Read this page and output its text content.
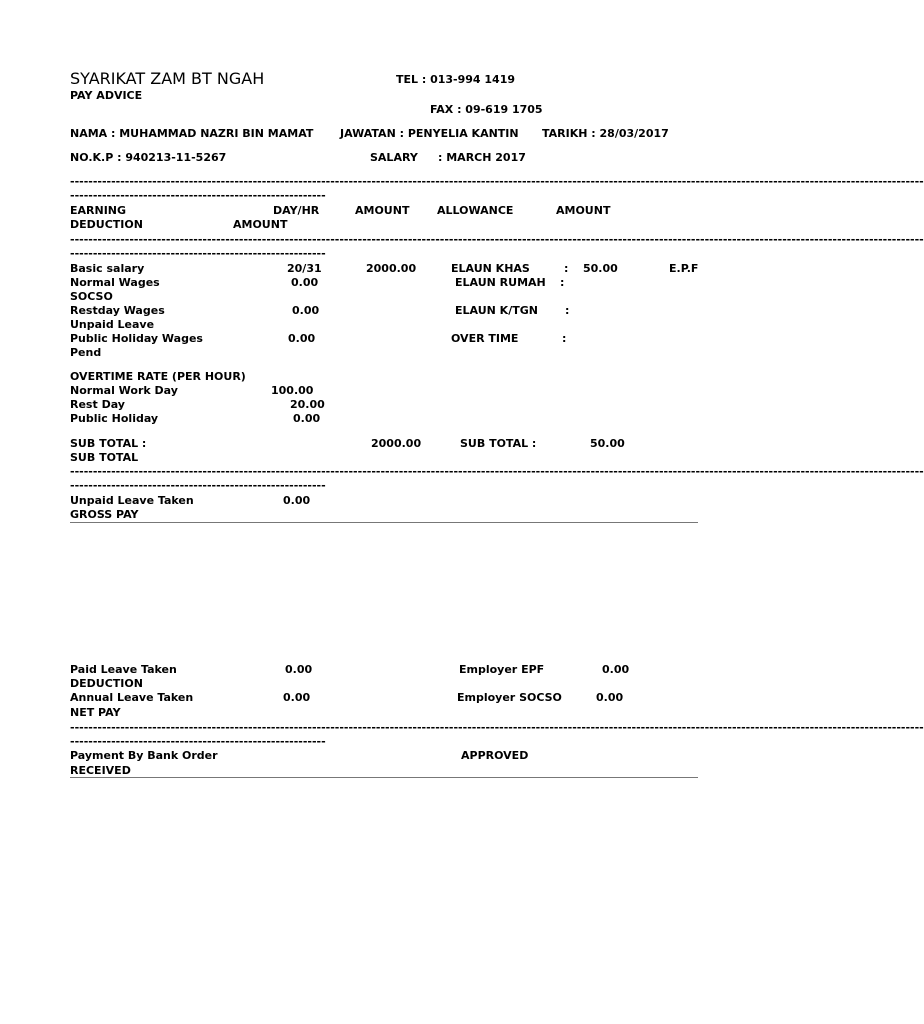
SYARIKAT ZAM BT NGAH
PAY ADVICE
TEL : 013-994 1419
FAX : 09-619 1705
NAMA : MUHAMMAD NAZRI BIN MAMAT JAWATAN : PENYELIA KANTIN TARIKH : 28/03/2017
NO.K.P : 940213-11-5267	SALARY : MARCH 2017
-------------------------------------------------------------------------------------------------------------------------------------------------------------------------------------------
--------------------------------------------------------
EARNING	DAY/HR	AMOUNT	ALLOWANCE	AMOUNT
DEDUCTION	AMOUNT
-------------------------------------------------------------------------------------------------------------------------------------------------------------------------------------------
--------------------------------------------------------
Basic salary	20/31	2000.00	ELAUN KHAS	: 50.00	E.P.F
Normal Wages	0.00	ELAUN RUMAH :
SOCSO
Restday Wages	0.00	ELAUN K/TGN :
Unpaid Leave
Public Holiday Wages	0.00	OVER TIME	:
Pend
OVERTIME RATE (PER HOUR)
Normal Work Day	100.00
Rest Day	20.00
Public Holiday	0.00
SUB TOTAL :	2000.00	SUB TOTAL :	50.00
SUB TOTAL
-------------------------------------------------------------------------------------------------------------------------------------------------------------------------------------------
--------------------------------------------------------
Unpaid Leave Taken	0.00
GROSS PAY
Paid Leave Taken	0.00	Employer EPF	0.00
DEDUCTION
Annual Leave Taken	0.00	Employer SOCSO	0.00
NET PAY
-------------------------------------------------------------------------------------------------------------------------------------------------------------------------------------------
--------------------------------------------------------
Payment By Bank Order	APPROVED
RECEIVED
